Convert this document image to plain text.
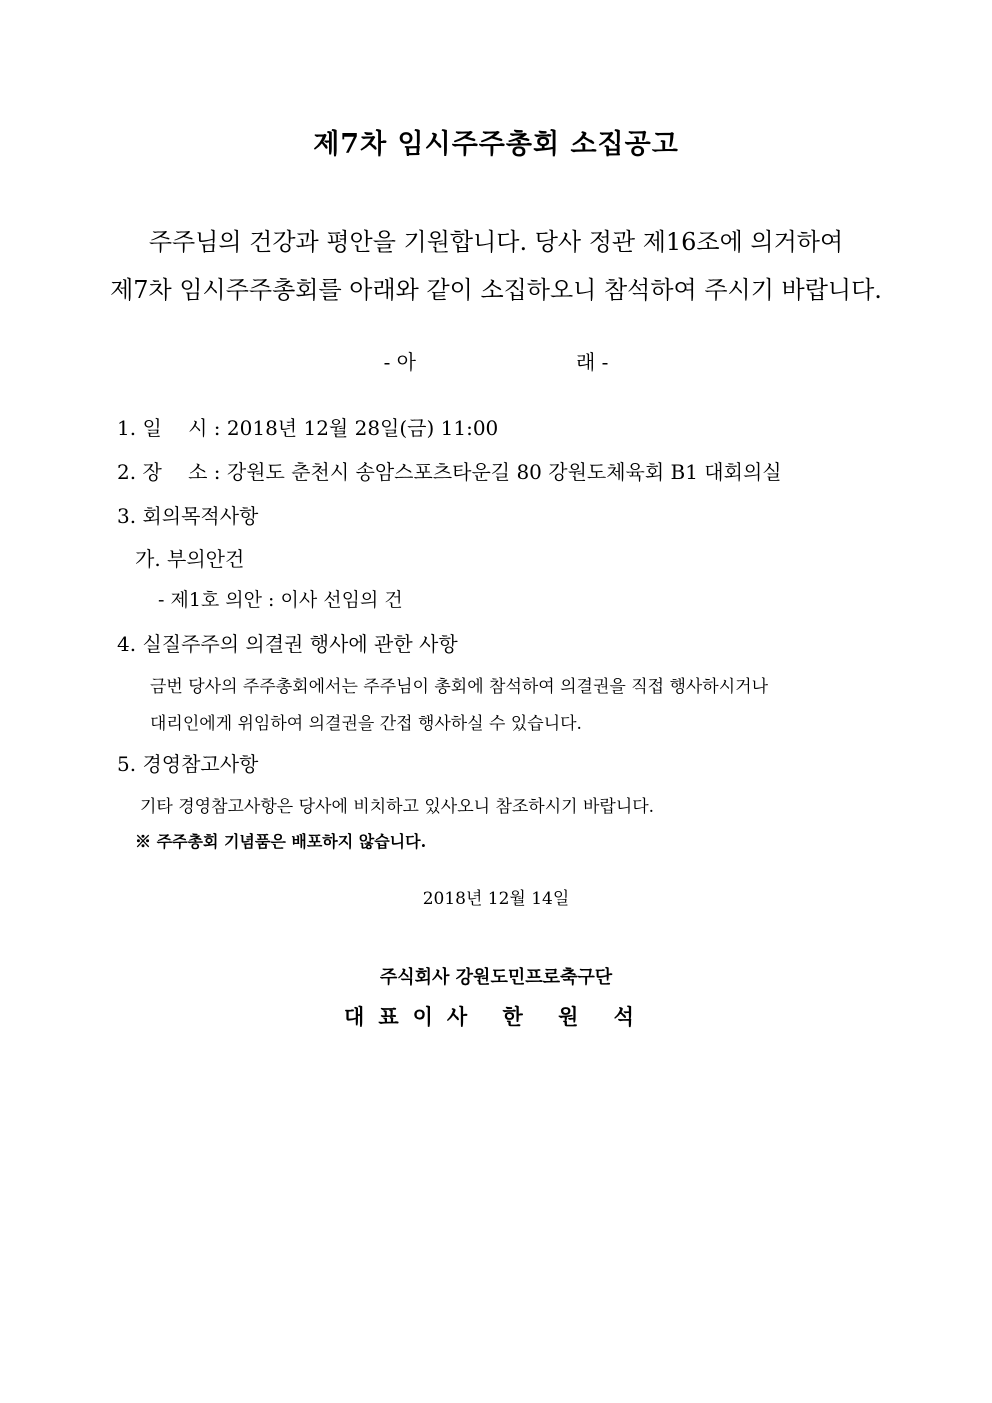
제7차 임시주주총회 소집공고
주주님의 건강과 평안을 기원합니다. 당사 정관 제16조에 의거하여
제7차 임시주주총회를 아래와 같이 소집하오니 참석하여 주시기 바랍니다.
- 아	래 -
1. 일　 시 : 2018년 12월 28일(금) 11:00
2. 장　 소 : 강원도 춘천시 송암스포츠타운길 80 강원도체육회 B1 대회의실
3. 회의목적사항
가. 부의안건
- 제1호 의안 : 이사 선임의 건
4. 실질주주의 의결권 행사에 관한 사항
금번 당사의 주주총회에서는 주주님이 총회에 참석하여 의결권을 직접 행사하시거나
대리인에게 위임하여 의결권을 간접 행사하실 수 있습니다.
5. 경영참고사항
기타 경영참고사항은 당사에 비치하고 있사오니 참조하시기 바랍니다.
※ 주주총회 기념품은 배포하지 않습니다.
2018년 12월 14일
주식회사 강원도민프로축구단
대표이사 한 원 석
